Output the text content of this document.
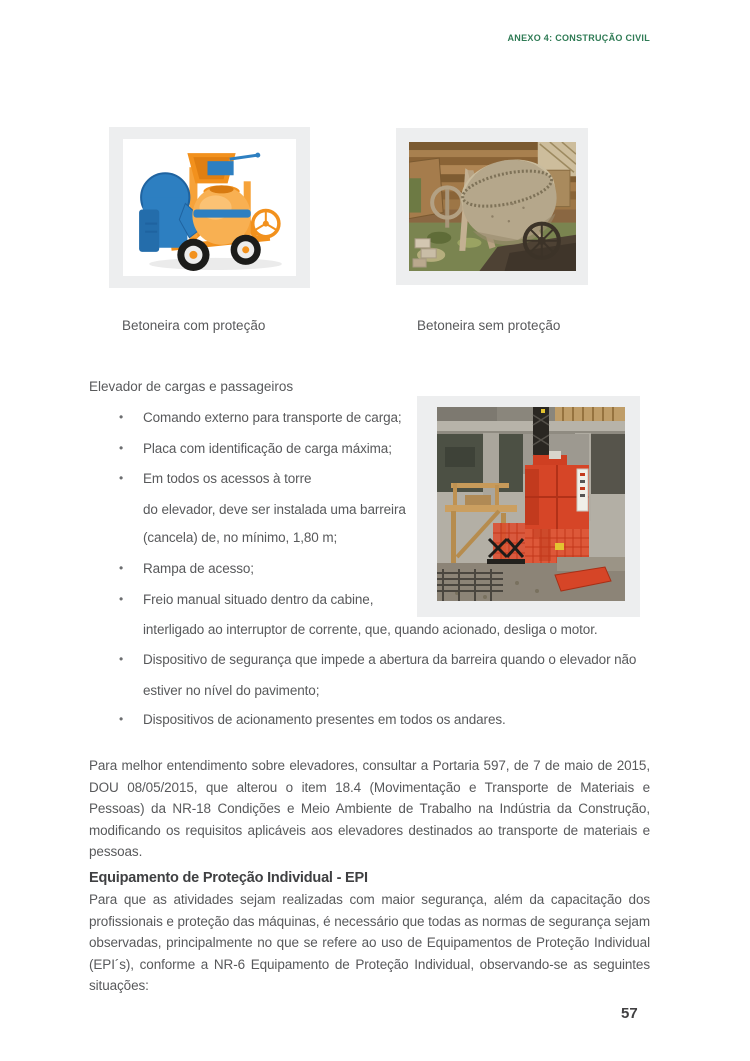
ANEXO 4: CONSTRUÇÃO CIVIL
Betoneira com proteção	Betoneira sem proteção
Elevador de cargas e passageiros
• Comando externo para transporte de carga;
• Placa com identificação de carga máxima;
• Em todos os acessos à torre
do elevador, deve ser instalada uma barreira
(cancela) de, no mínimo, 1,80 m;
• Rampa de acesso;
• Freio manual situado dentro da cabine,
interligado ao interruptor de corrente, que, quando acionado, desliga o motor.
• Dispositivo de segurança que impede a abertura da barreira quando o elevador não
estiver no nível do pavimento;
• Dispositivos de acionamento presentes em todos os andares.
Para melhor entendimento sobre elevadores, consultar a Portaria 597, de 7 de maio de 2015, DOU 08/05/2015, que alterou o item 18.4 (Movimentação e Transporte de Materiais e Pessoas) da NR-18 Condições e Meio Ambiente de Trabalho na Indústria da Construção, modificando os requisitos aplicáveis aos elevadores destinados ao transporte de materiais e pessoas.
Equipamento de Proteção Individual - EPI
Para que as atividades sejam realizadas com maior segurança, além da capacitação dos profissionais e proteção das máquinas, é necessário que todas as normas de segurança sejam observadas, principalmente no que se refere ao uso de Equipamentos de Proteção Individual (EPI´s), conforme a NR-6 Equipamento de Proteção Individual, observando-se as seguintes situações:
57
